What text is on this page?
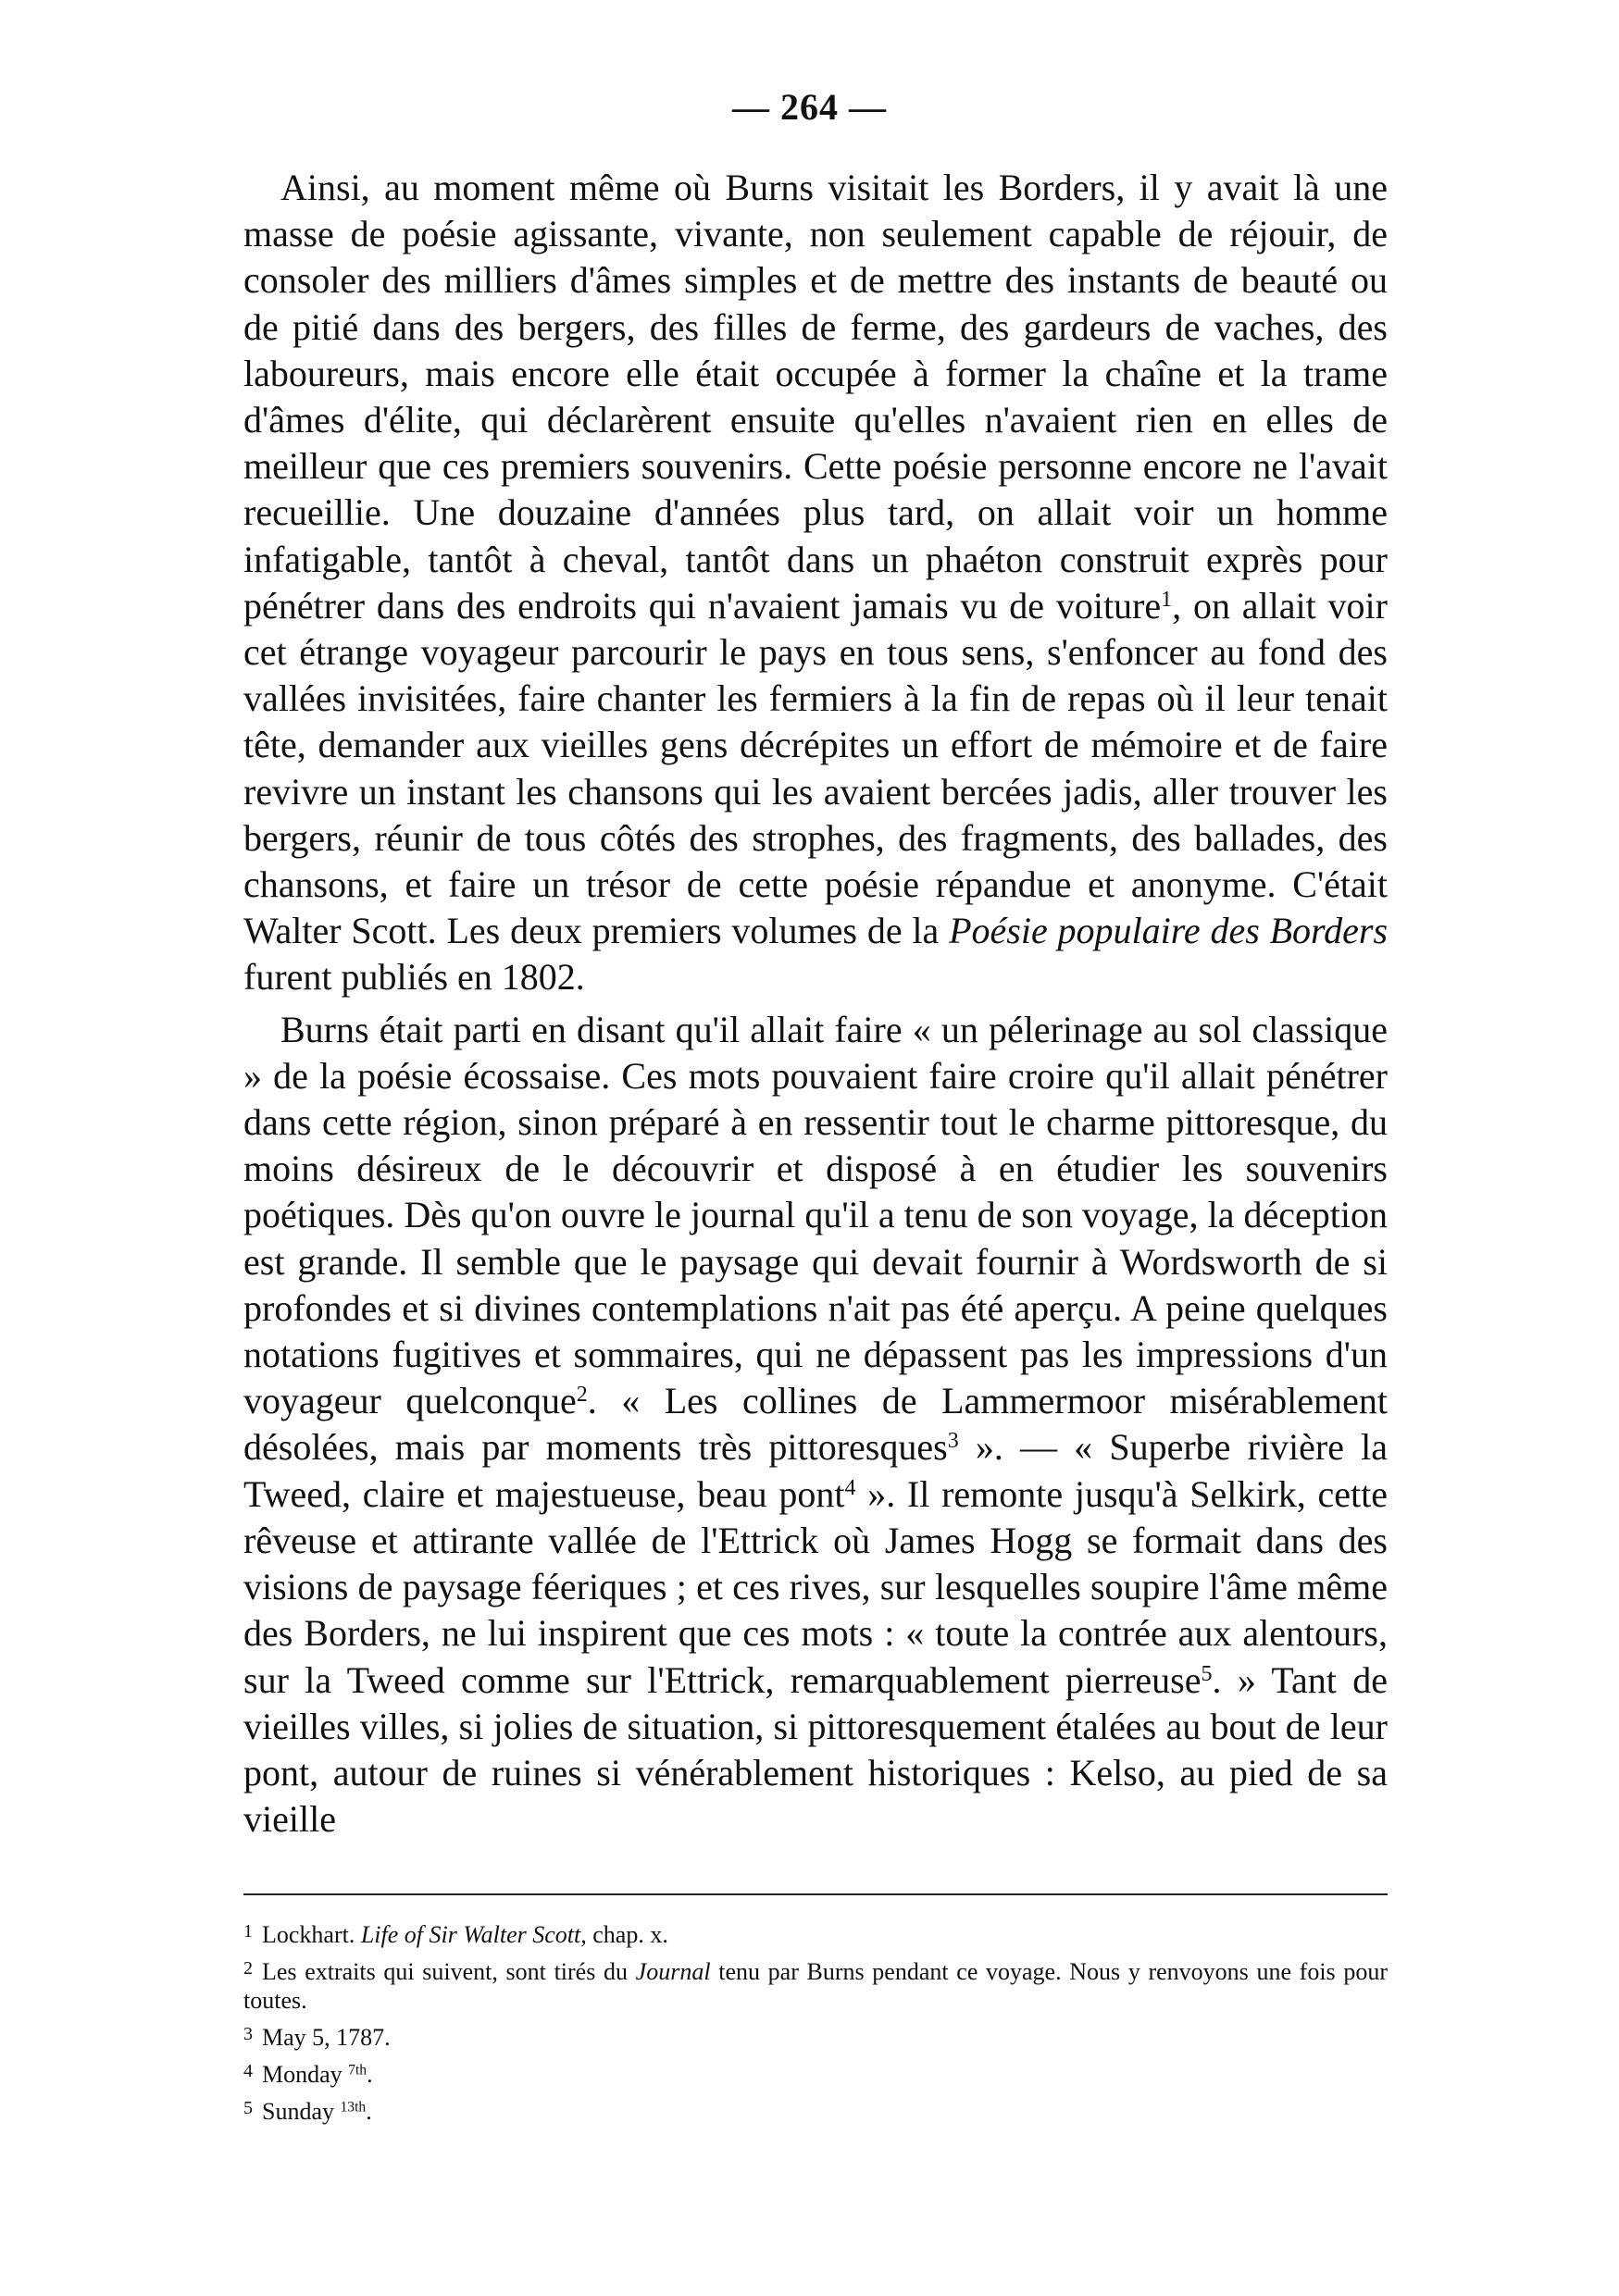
— 264 —

Ainsi, au moment même où Burns visitait les Borders, il y avait là une masse de poésie agissante, vivante, non seulement capable de réjouir, de consoler des milliers d'âmes simples et de mettre des instants de beauté ou de pitié dans des bergers, des filles de ferme, des gardeurs de vaches, des laboureurs, mais encore elle était occupée à former la chaîne et la trame d'âmes d'élite, qui déclarèrent ensuite qu'elles n'avaient rien en elles de meilleur que ces premiers souvenirs. Cette poésie personne encore ne l'avait recueillie. Une douzaine d'années plus tard, on allait voir un homme infatigable, tantôt à cheval, tantôt dans un phaéton construit exprès pour pénétrer dans des endroits qui n'avaient jamais vu de voiture$^1$, on allait voir cet étrange voyageur parcourir le pays en tous sens, s'enfoncer au fond des vallées invisitées, faire chanter les fermiers à la fin de repas où il leur tenait tête, demander aux vieilles gens décrépites un effort de mémoire et de faire revivre un instant les chansons qui les avaient bercées jadis, aller trouver les bergers, réunir de tous côtés des strophes, des fragments, des ballades, des chansons, et faire un trésor de cette poésie répandue et anonyme. C'était Walter Scott. Les deux premiers volumes de la Poésie populaire des Borders furent publiés en 1802.

Burns était parti en disant qu'il allait faire « un pélerinage au sol classique » de la poésie écossaise. Ces mots pouvaient faire croire qu'il allait pénétrer dans cette région, sinon préparé à en ressentir tout le charme pittoresque, du moins désireux de le découvrir et disposé à en étudier les souvenirs poétiques. Dès qu'on ouvre le journal qu'il a tenu de son voyage, la déception est grande. Il semble que le paysage qui devait fournir à Wordsworth de si profondes et si divines contemplations n'ait pas été aperçu. A peine quelques notations fugitives et sommaires, qui ne dépassent pas les impressions d'un voyageur quelconque$^2$. « Les collines de Lammermoor misérablement désolées, mais par moments très pittoresques$^3$ ». — « Superbe rivière la Tweed, claire et majestueuse, beau pont$^4$ ». Il remonte jusqu'à Selkirk, cette rêveuse et attirante vallée de l'Ettrick où James Hogg se formait dans des visions de paysage féeriques ; et ces rives, sur lesquelles soupire l'âme même des Borders, ne lui inspirent que ces mots : « toute la contrée aux alentours, sur la Tweed comme sur l'Ettrick, remarquablement pierreuse$^5$. » Tant de vieilles villes, si jolies de situation, si pittoresquement étalées au bout de leur pont, autour de ruines si vénérablement historiques : Kelso, au pied de sa vieille

1 Lockhart. Life of Sir Walter Scott, chap. x.

2 Les extraits qui suivent, sont tirés du Journal tenu par Burns pendant ce voyage. Nous y renvoyons une fois pour toutes.

3 May 5, 1787.

4 Monday $^{7th}$.

5 Sunday $^{13th}$.
